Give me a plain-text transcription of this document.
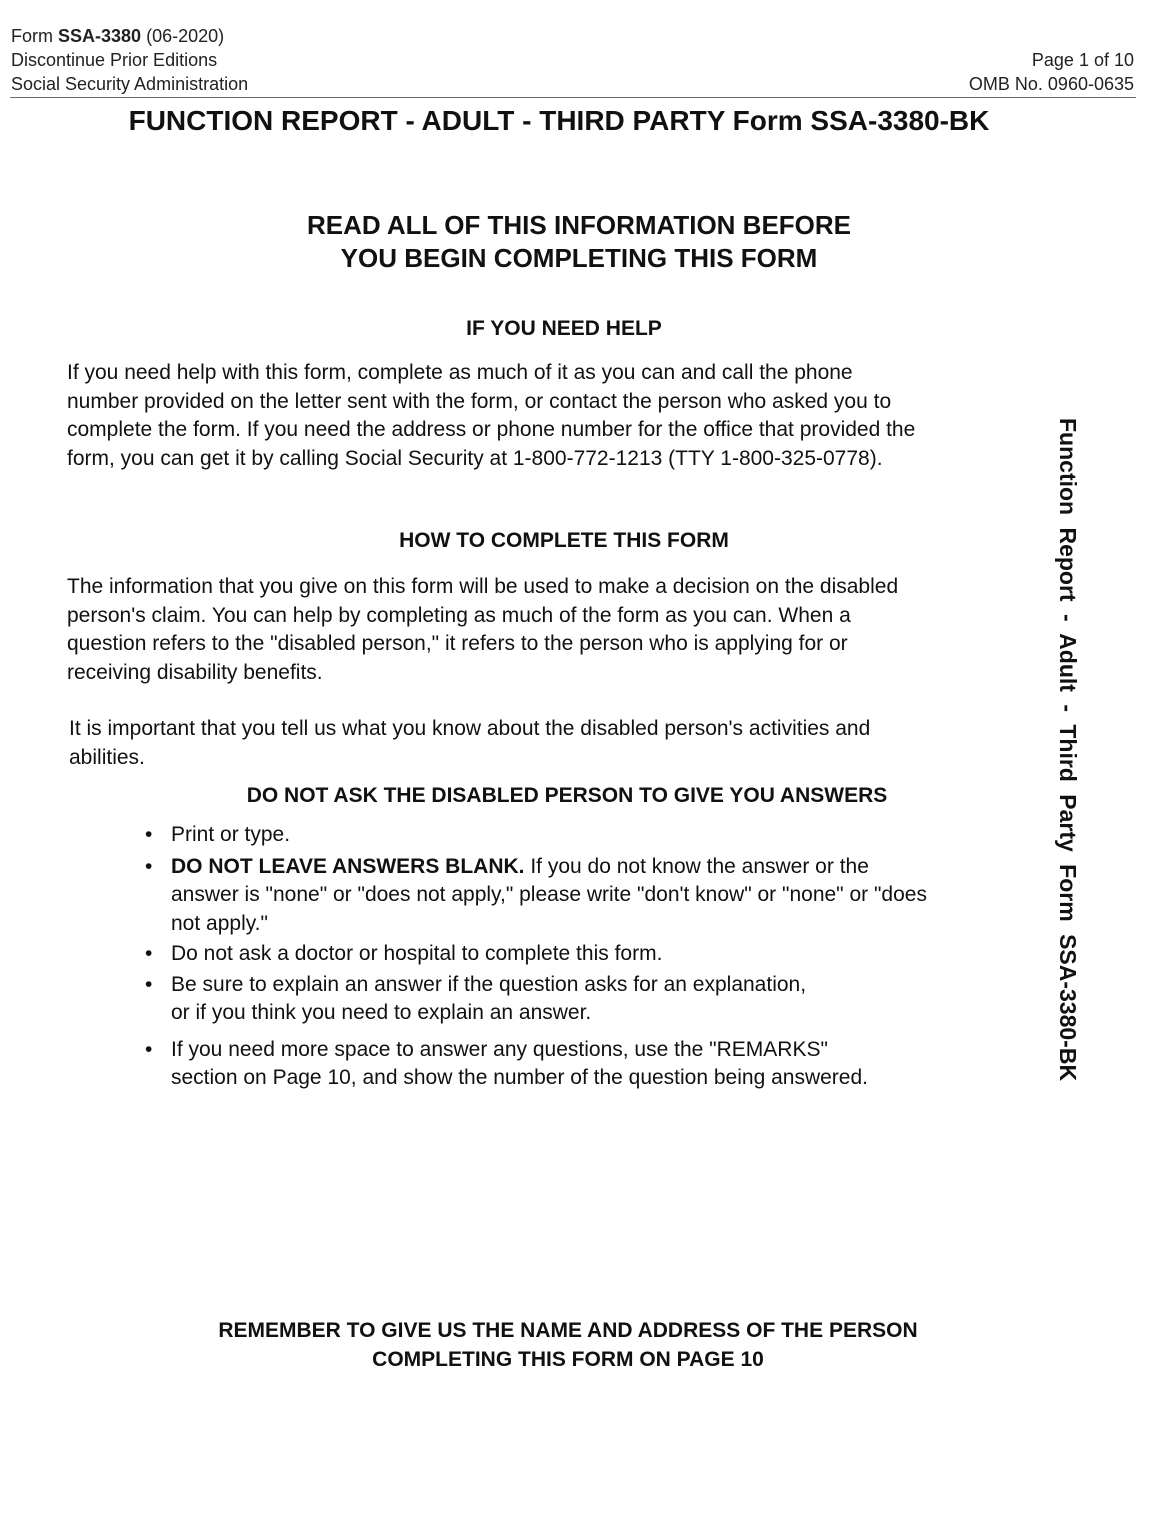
Form SSA-3380 (06-2020)
Discontinue Prior Editions
Social Security Administration
Page 1 of 10
OMB No. 0960-0635
FUNCTION REPORT - ADULT - THIRD PARTY Form SSA-3380-BK
READ ALL OF THIS INFORMATION BEFORE
YOU BEGIN COMPLETING THIS FORM
IF YOU NEED HELP
If you need help with this form, complete as much of it as you can and call the phone
number provided on the letter sent with the form, or contact the person who asked you to
complete the form. If you need the address or phone number for the office that provided the
form, you can get it by calling Social Security at 1-800-772-1213 (TTY 1-800-325-0778).
HOW TO COMPLETE THIS FORM
The information that you give on this form will be used to make a decision on the disabled
person's claim. You can help by completing as much of the form as you can. When a
question refers to the "disabled person," it refers to the person who is applying for or
receiving disability benefits.
It is important that you tell us what you know about the disabled person's activities and
abilities.
DO NOT ASK THE DISABLED PERSON TO GIVE YOU ANSWERS
• Print or type.
• DO NOT LEAVE ANSWERS BLANK. If you do not know the answer or the
answer is "none" or "does not apply," please write "don't know" or "none" or "does
not apply."
• Do not ask a doctor or hospital to complete this form.
• Be sure to explain an answer if the question asks for an explanation,
or if you think you need to explain an answer.
• If you need more space to answer any questions, use the "REMARKS"
section on Page 10, and show the number of the question being answered.
REMEMBER TO GIVE US THE NAME AND ADDRESS OF THE PERSON
COMPLETING THIS FORM ON PAGE 10
Function Report - Adult - Third Party Form SSA-3380-BK
